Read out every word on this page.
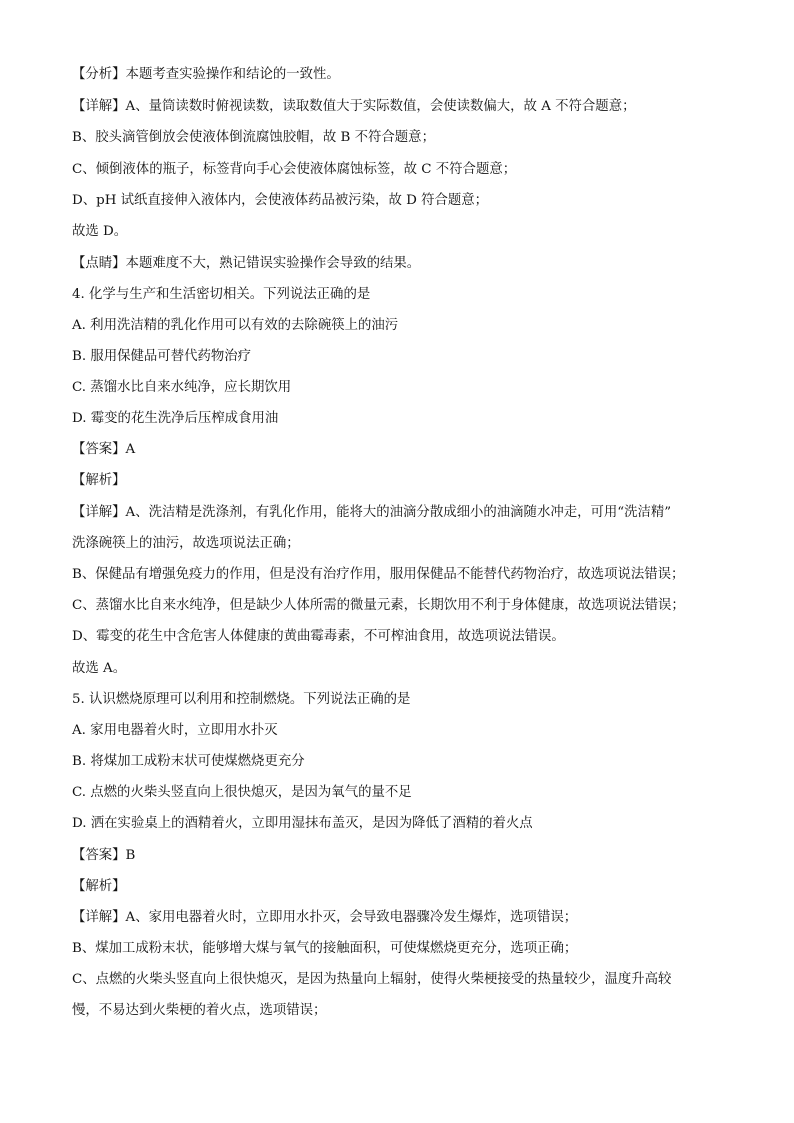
【分析】本题考查实验操作和结论的一致性。
【详解】A、量筒读数时俯视读数，读取数值大于实际数值，会使读数偏大，故 A 不符合题意；
B、胶头滴管倒放会使液体倒流腐蚀胶帽，故 B 不符合题意；
C、倾倒液体的瓶子，标签背向手心会使液体腐蚀标签，故 C 不符合题意；
D、pH 试纸直接伸入液体内，会使液体药品被污染，故 D 符合题意；
故选 D。
【点睛】本题难度不大，熟记错误实验操作会导致的结果。
4. 化学与生产和生活密切相关。下列说法正确的是
A. 利用洗洁精的乳化作用可以有效的去除碗筷上的油污
B. 服用保健品可替代药物治疗
C. 蒸馏水比自来水纯净，应长期饮用
D. 霉变的花生洗净后压榨成食用油
【答案】A
【解析】
【详解】A、洗洁精是洗涤剂，有乳化作用，能将大的油滴分散成细小的油滴随水冲走，可用“洗洁精”
洗涤碗筷上的油污，故选项说法正确；
B、保健品有增强免疫力的作用，但是没有治疗作用，服用保健品不能替代药物治疗，故选项说法错误；
C、蒸馏水比自来水纯净，但是缺少人体所需的微量元素，长期饮用不利于身体健康，故选项说法错误；
D、霉变的花生中含危害人体健康的黄曲霉毒素，不可榨油食用，故选项说法错误。
故选 A。
5. 认识燃烧原理可以利用和控制燃烧。下列说法正确的是
A. 家用电器着火时，立即用水扑灭
B. 将煤加工成粉末状可使煤燃烧更充分
C. 点燃的火柴头竖直向上很快熄灭，是因为氧气的量不足
D. 洒在实验桌上的酒精着火，立即用湿抹布盖灭，是因为降低了酒精的着火点
【答案】B
【解析】
【详解】A、家用电器着火时，立即用水扑灭，会导致电器骤冷发生爆炸，选项错误；
B、煤加工成粉末状，能够增大煤与氧气的接触面积，可使煤燃烧更充分，选项正确；
C、点燃的火柴头竖直向上很快熄灭，是因为热量向上辐射，使得火柴梗接受的热量较少，温度升高较
慢，不易达到火柴梗的着火点，选项错误；
